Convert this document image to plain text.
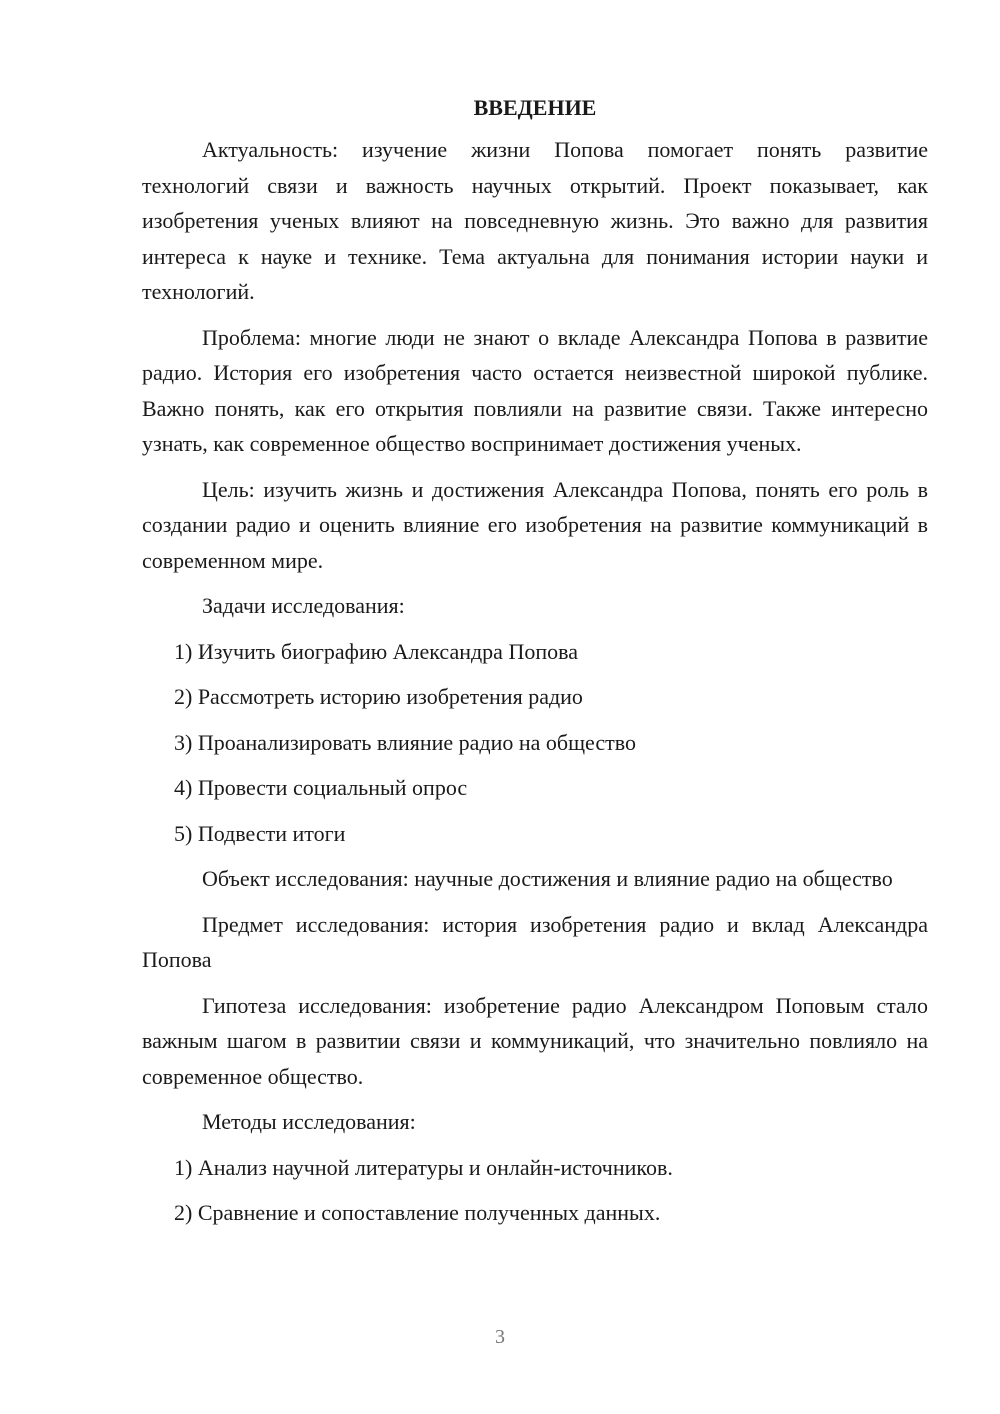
ВВЕДЕНИЕ

Актуальность: изучение жизни Попова помогает понять развитие технологий связи и важность научных открытий. Проект показывает, как изобретения ученых влияют на повседневную жизнь. Это важно для развития интереса к науке и технике. Тема актуальна для понимания истории науки и технологий.

Проблема: многие люди не знают о вкладе Александра Попова в развитие радио. История его изобретения часто остается неизвестной широкой публике. Важно понять, как его открытия повлияли на развитие связи. Также интересно узнать, как современное общество воспринимает достижения ученых.

Цель: изучить жизнь и достижения Александра Попова, понять его роль в создании радио и оценить влияние его изобретения на развитие коммуникаций в современном мире.

Задачи исследования:

1) Изучить биографию Александра Попова
2) Рассмотреть историю изобретения радио
3) Проанализировать влияние радио на общество
4) Провести социальный опрос
5) Подвести итоги

Объект исследования: научные достижения и влияние радио на общество

Предмет исследования: история изобретения радио и вклад Александра Попова

Гипотеза исследования: изобретение радио Александром Поповым стало важным шагом в развитии связи и коммуникаций, что значительно повлияло на современное общество.

Методы исследования:

1) Анализ научной литературы и онлайн-источников.
2) Сравнение и сопоставление полученных данных.
3
